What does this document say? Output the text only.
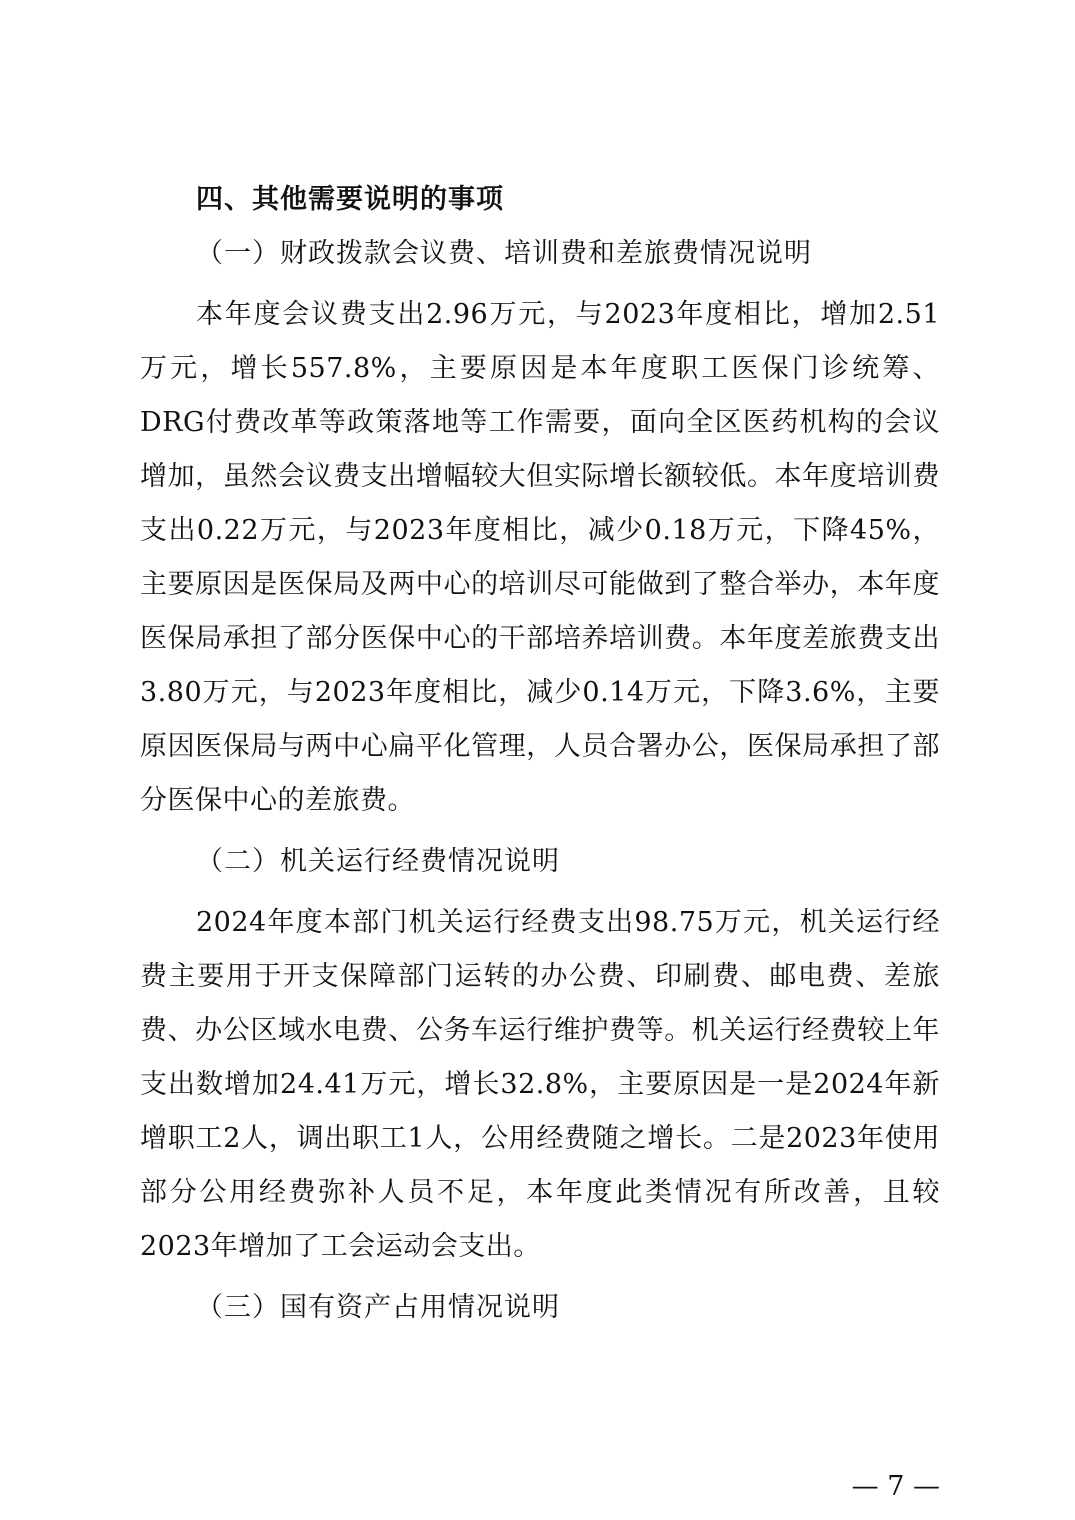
四、其他需要说明的事项
（一）财政拨款会议费、培训费和差旅费情况说明

本年度会议费支出2.96万元，与2023年度相比，增加2.51万元，增长557.8%，主要原因是本年度职工医保门诊统筹、DRG付费改革等政策落地等工作需要，面向全区医药机构的会议增加，虽然会议费支出增幅较大但实际增长额较低。本年度培训费支出0.22万元，与2023年度相比，减少0.18万元，下降45%，主要原因是医保局及两中心的培训尽可能做到了整合举办，本年度医保局承担了部分医保中心的干部培养培训费。本年度差旅费支出3.80万元，与2023年度相比，减少0.14万元，下降3.6%，主要原因医保局与两中心扁平化管理，人员合署办公，医保局承担了部分医保中心的差旅费。

（二）机关运行经费情况说明

2024年度本部门机关运行经费支出98.75万元，机关运行经费主要用于开支保障部门运转的办公费、印刷费、邮电费、差旅费、办公区域水电费、公务车运行维护费等。机关运行经费较上年支出数增加24.41万元，增长32.8%，主要原因是一是2024年新增职工2人，调出职工1人，公用经费随之增长。二是2023年使用部分公用经费弥补人员不足，本年度此类情况有所改善，且较2023年增加了工会运动会支出。

（三）国有资产占用情况说明
— 7 —
